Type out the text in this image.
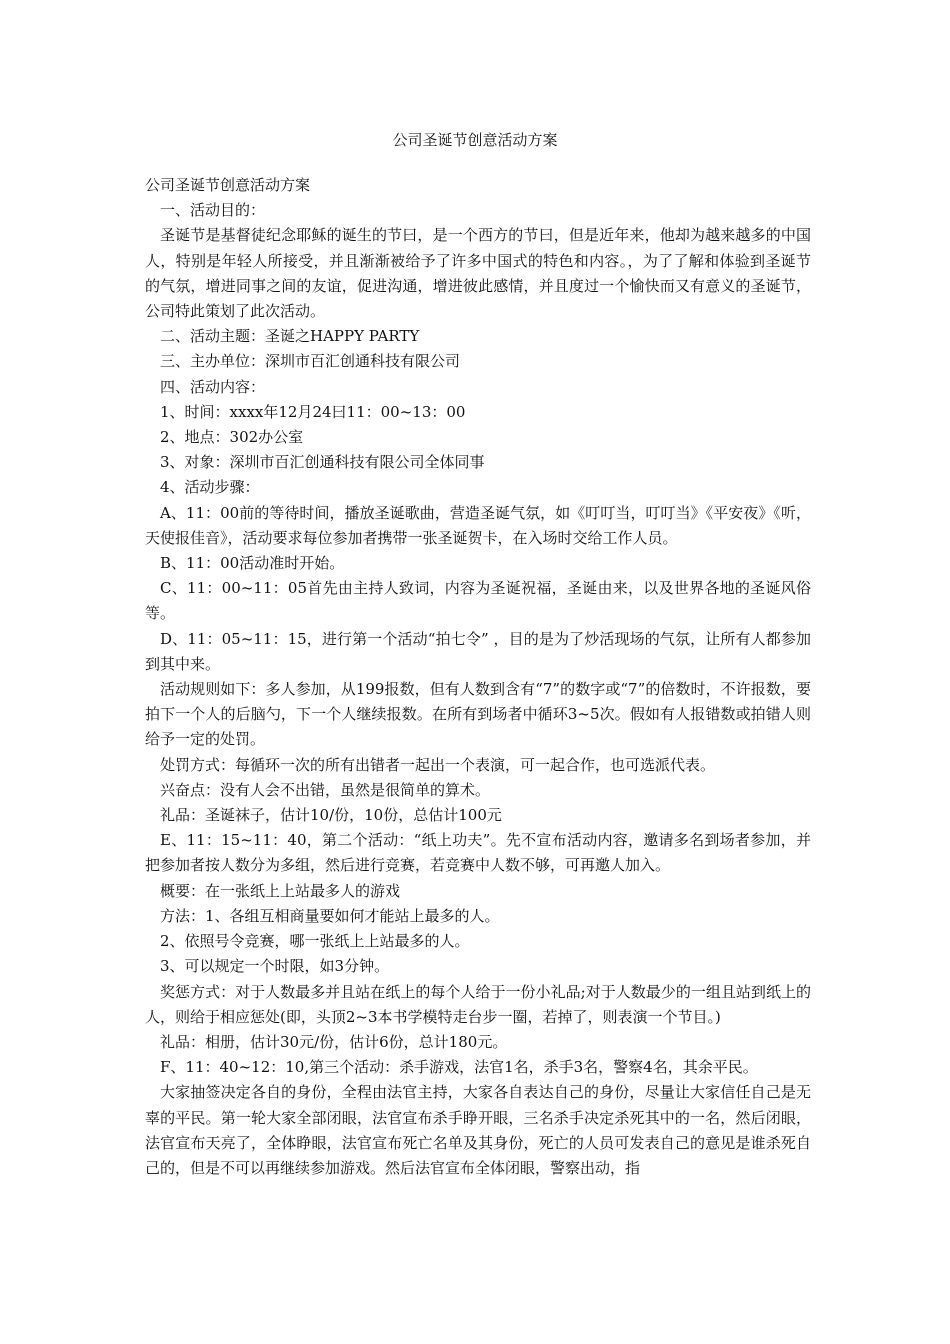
公司圣诞节创意活动方案

公司圣诞节创意活动方案

一、活动目的：

圣诞节是基督徒纪念耶稣的诞生的节曰，是一个西方的节曰，但是近年来，他却为越来越多的中国人，特别是年轻人所接受，并且渐渐被给予了许多中国式的特色和内容。，为了了解和体验到圣诞节的气氛，增进同事之间的友谊，促进沟通，增进彼此感情，并且度过一个愉快而又有意义的圣诞节，公司特此策划了此次活动。

二、活动主题：圣诞之HAPPY PARTY

三、主办单位：深圳市百汇创通科技有限公司

四、活动内容：

1、时间：xxxx年12月24曰11：00~13：00

2、地点：302办公室

3、对象：深圳市百汇创通科技有限公司全体同事

4、活动步骤：

A、11：00前的等待时间，播放圣诞歌曲，营造圣诞气氛，如《叮叮当，叮叮当》《平安夜》《听，天使报佳音》，活动要求每位参加者携带一张圣诞贺卡，在入场时交给工作人员。

B、11：00活动准时开始。

C、11：00~11：05首先由主持人致词，内容为圣诞祝福，圣诞由来，以及世界各地的圣诞风俗等。

D、11：05~11：15，进行第一个活动“拍七令” ，目的是为了炒活现场的气氛，让所有人都参加到其中来。

活动规则如下：多人参加，从199报数，但有人数到含有“7”的数字或“7”的倍数时，不许报数，要拍下一个人的后脑勺，下一个人继续报数。在所有到场者中循环3~5次。假如有人报错数或拍错人则给予一定的处罚。

处罚方式：每循环一次的所有出错者一起出一个表演，可一起合作，也可选派代表。

兴奋点：没有人会不出错，虽然是很简单的算术。

礼品：圣诞袜子，估计10/份，10份，总估计100元

E、11：15~11：40，第二个活动：“纸上功夫”。先不宣布活动内容，邀请多名到场者参加，并把参加者按人数分为多组，然后进行竞赛，若竞赛中人数不够，可再邀人加入。

概要：在一张纸上上站最多人的游戏

方法：1、各组互相商量要如何才能站上最多的人。

2、依照号令竞赛，哪一张纸上上站最多的人。

3、可以规定一个时限，如3分钟。

奖惩方式：对于人数最多并且站在纸上的每个人给于一份小礼品;对于人数最少的一组且站到纸上的人，则给于相应惩处(即，头顶2~3本书学模特走台步一圈，若掉了，则表演一个节目。)

礼品：相册，估计30元/份，估计6份，总计180元。

F、11：40~12：10,第三个活动：杀手游戏，法官1名，杀手3名，警察4名，其余平民。

大家抽签决定各自的身份，全程由法官主持，大家各自表达自己的身份，尽量让大家信任自己是无辜的平民。第一轮大家全部闭眼，法官宣布杀手睁开眼，三名杀手决定杀死其中的一名，然后闭眼，法官宣布天亮了，全体睁眼，法官宣布死亡名单及其身份，死亡的人员可发表自己的意见是谁杀死自己的，但是不可以再继续参加游戏。然后法官宣布全体闭眼，警察出动，指
